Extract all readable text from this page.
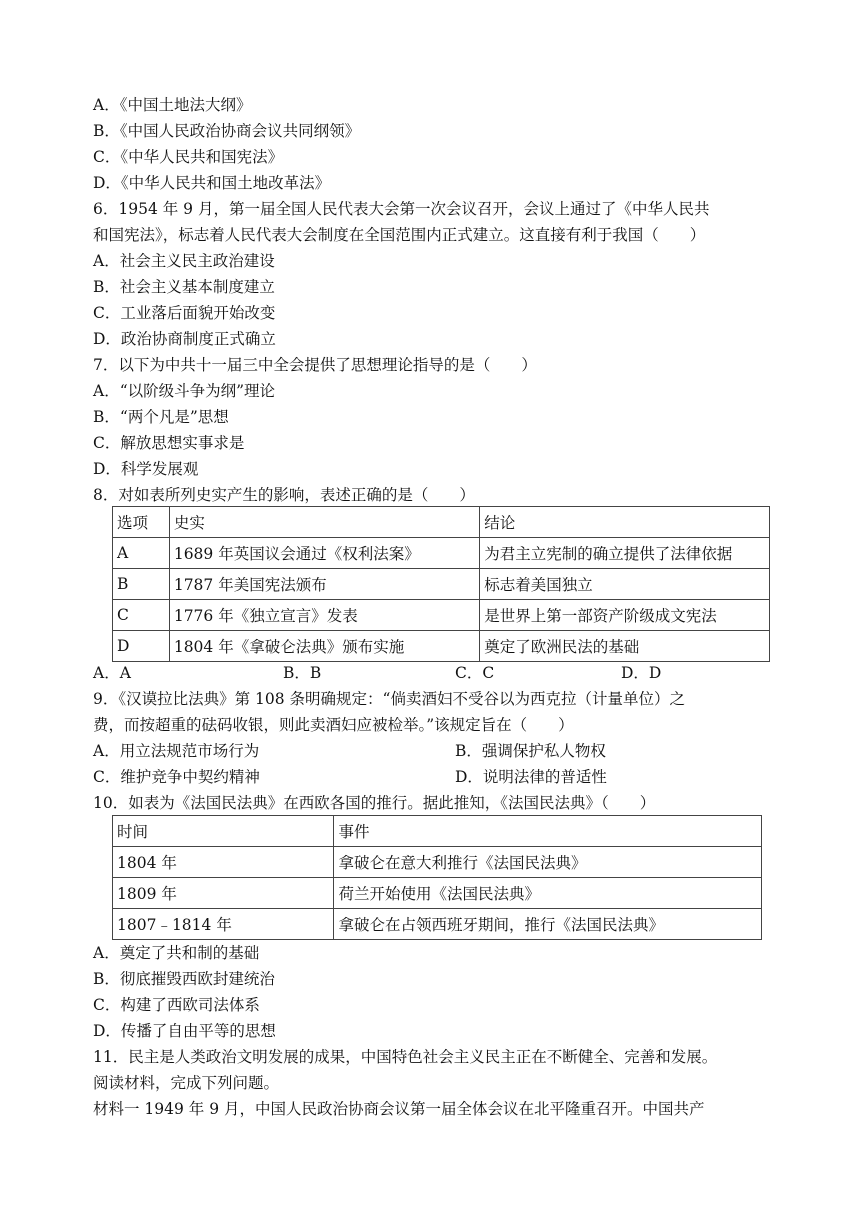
A．《中国土地法大纲》
B．《中国人民政治协商会议共同纲领》
C．《中华人民共和国宪法》
D．《中华人民共和国土地改革法》
6．1954 年 9 月，第一届全国人民代表大会第一次会议召开，会议上通过了《中华人民共
和国宪法》，标志着人民代表大会制度在全国范围内正式建立。这直接有利于我国（　　）
A．社会主义民主政治建设
B．社会主义基本制度建立
C．工业落后面貌开始改变
D．政治协商制度正式确立
7．以下为中共十一届三中全会提供了思想理论指导的是（　　）
A．“以阶级斗争为纲”理论
B．“两个凡是”思想
C．解放思想实事求是
D．科学发展观
8．对如表所列史实产生的影响，表述正确的是（　　）
选项	史实	结论
A	1689 年英国议会通过《权利法案》	为君主立宪制的确立提供了法律依据
B	1787 年美国宪法颁布	标志着美国独立
C	1776 年《独立宣言》发表	是世界上第一部资产阶级成文宪法
D	1804 年《拿破仑法典》颁布实施	奠定了欧洲民法的基础
A．A	B．B	C．C	D．D
9．《汉谟拉比法典》第 108 条明确规定：“倘卖酒妇不受谷以为西克拉（计量单位）之
费，而按超重的砝码收银，则此卖酒妇应被检举。”该规定旨在（　　）
A．用立法规范市场行为	B．强调保护私人物权
C．维护竞争中契约精神	D．说明法律的普适性
10．如表为《法国民法典》在西欧各国的推行。据此推知，《法国民法典》（　　）
时间	事件
1804 年	拿破仑在意大利推行《法国民法典》
1809 年	荷兰开始使用《法国民法典》
1807﹣1814 年	拿破仑在占领西班牙期间，推行《法国民法典》
A．奠定了共和制的基础
B．彻底摧毁西欧封建统治
C．构建了西欧司法体系
D．传播了自由平等的思想
11．民主是人类政治文明发展的成果，中国特色社会主义民主正在不断健全、完善和发展。
阅读材料，完成下列问题。
材料一 1949 年 9 月，中国人民政治协商会议第一届全体会议在北平隆重召开。中国共产
